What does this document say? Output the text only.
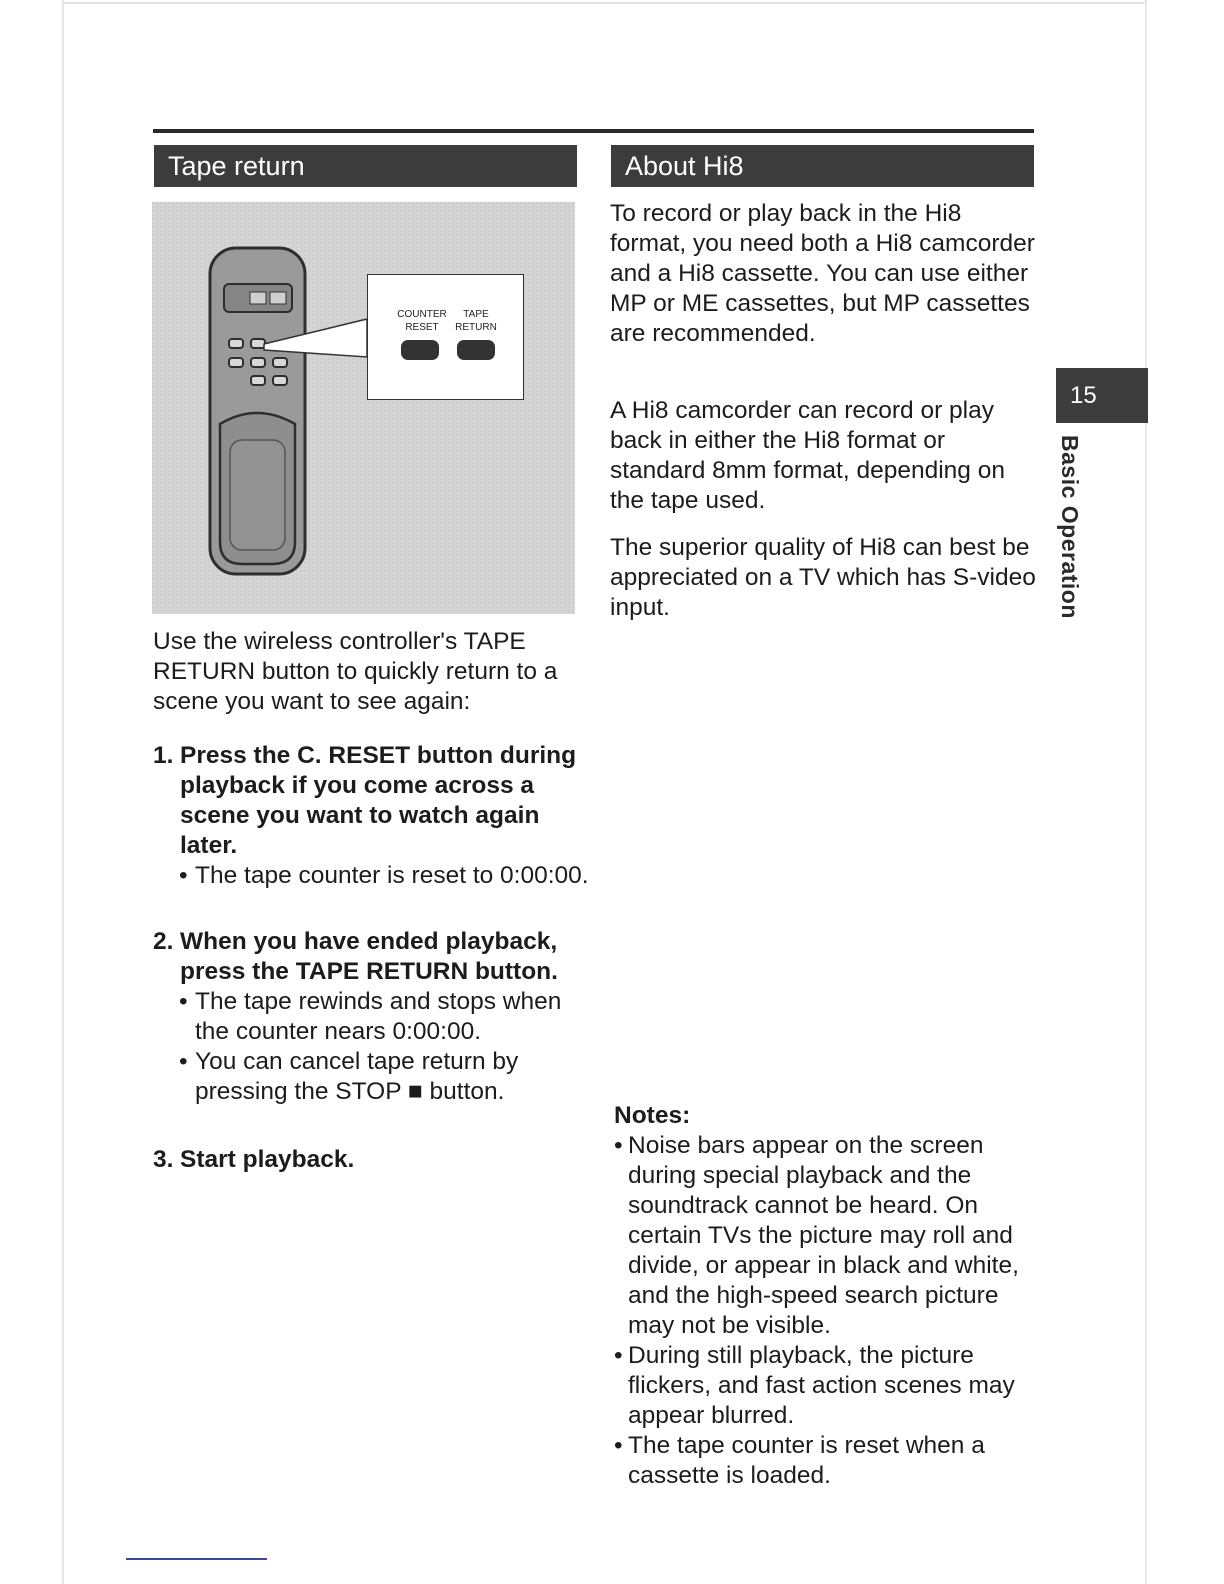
Tape return	About Hi8
COUNTER
RESET
TAPE
RETURN

Use the wireless controller's TAPE RETURN button to quickly return to a scene you want to see again:

1. Press the C. RESET button during playback if you come across a scene you want to watch again later.
• The tape counter is reset to 0:00:00.
2. When you have ended playback, press the TAPE RETURN button.
• The tape rewinds and stops when the counter nears 0:00:00.
• You can cancel tape return by pressing the STOP ■ button.
3. Start playback.

To record or play back in the Hi8 format, you need both a Hi8 camcorder and a Hi8 cassette. You can use either MP or ME cassettes, but MP cassettes are recommended.

A Hi8 camcorder can record or play back in either the Hi8 format or standard 8mm format, depending on the tape used.

The superior quality of Hi8 can best be appreciated on a TV which has S-video input.

Notes:
• Noise bars appear on the screen during special playback and the soundtrack cannot be heard. On certain TVs the picture may roll and divide, or appear in black and white, and the high-speed search picture may not be visible.
• During still playback, the picture flickers, and fast action scenes may appear blurred.
• The tape counter is reset when a cassette is loaded.
15
Basic Operation
